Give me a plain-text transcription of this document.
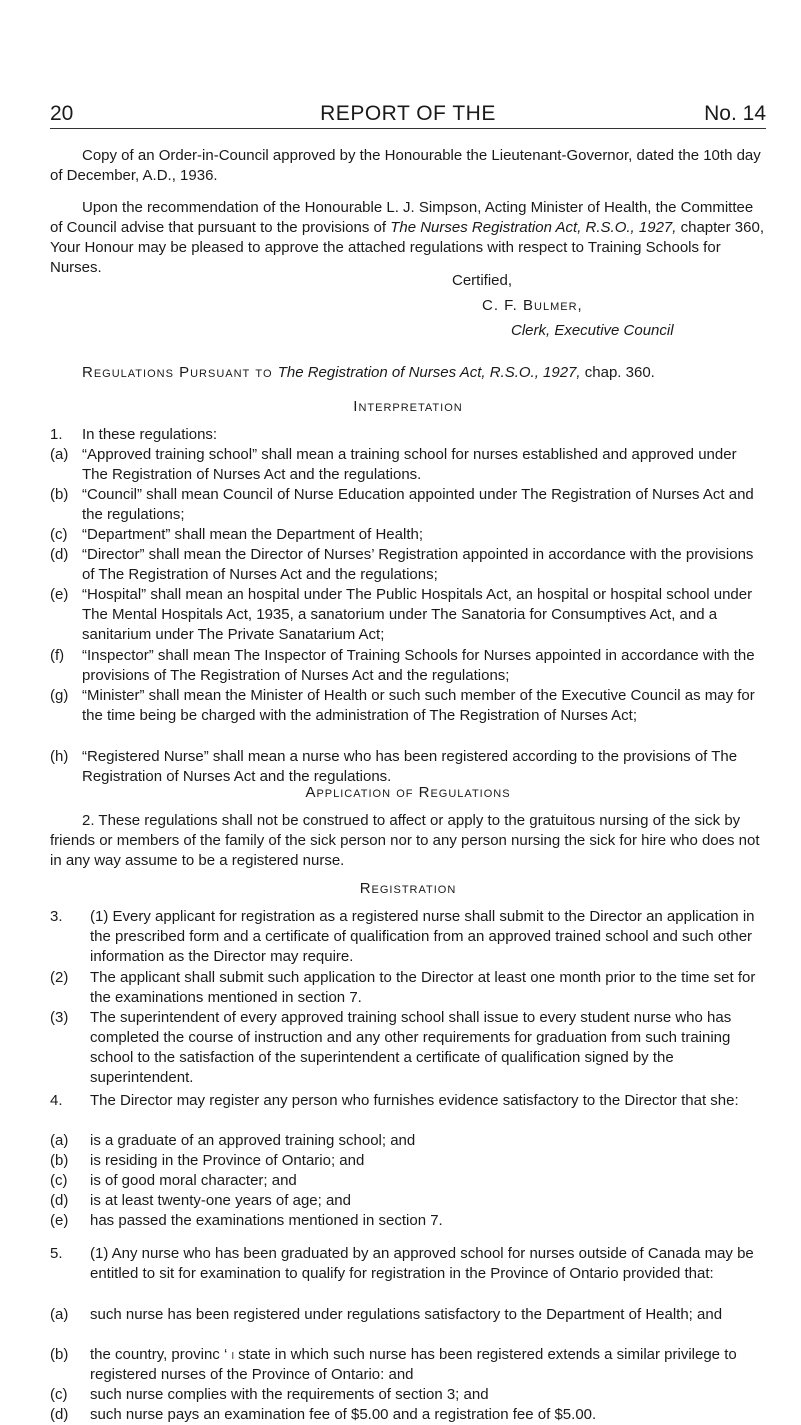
20	REPORT OF THE	No. 14

Copy of an Order-in-Council approved by the Honourable the Lieutenant-Governor, dated the 10th day of December, A.D., 1936.

Upon the recommendation of the Honourable L. J. Simpson, Acting Minister of Health, the Committee of Council advise that pursuant to the provisions of The Nurses Registration Act, R.S.O., 1927, chapter 360, Your Honour may be pleased to approve the attached regulations with respect to Training Schools for Nurses.

Certified,
C. F. Bulmer,
Clerk, Executive Council
Regulations Pursuant to The Registration of Nurses Act, R.S.O., 1927, chap. 360.
Interpretation
1.	In these regulations:
(a) “Approved training school” shall mean a training school for nurses established and approved under The Registration of Nurses Act and the regulations.
(b) “Council” shall mean Council of Nurse Education appointed under The Registration of Nurses Act and the regulations;
(c) “Department” shall mean the Department of Health;
(d) “Director” shall mean the Director of Nurses’ Registration appointed in accordance with the provisions of The Registration of Nurses Act and the regulations;
(e) “Hospital” shall mean an hospital under The Public Hospitals Act, an hospital or hospital school under The Mental Hospitals Act, 1935, a sanatorium under The Sanatoria for Consumptives Act, and a sanitarium under The Private Sanatarium Act;
(f)	“Inspector” shall mean The Inspector of Training Schools for Nurses appointed in accordance with the provisions of The Registration of Nurses Act and the regulations;
(g) “Minister” shall mean the Minister of Health or such such member of the Executive Council as may for the time being be charged with the administration of The Registration of Nurses Act;
(h) “Registered Nurse” shall mean a nurse who has been registered according to the provisions of The Registration of Nurses Act and the regulations.
Application of Regulations

2. These regulations shall not be construed to affect or apply to the gratuitous nursing of the sick by friends or members of the family of the sick person nor to any person nursing the sick for hire who does not in any way assume to be a registered nurse.

Registration
3.	(1) Every applicant for registration as a registered nurse shall submit to the Director an application in the prescribed form and a certificate of qualification from an approved trained school and such other information as the Director may require.
(2)	The applicant shall submit such application to the Director at least one month prior to the time set for the examinations mentioned in section 7.
(3)	The superintendent of every approved training school shall issue to every student nurse who has completed the course of instruction and any other requirements for graduation from such training school to the satisfaction of the superintendent a certificate of qualification signed by the superintendent.
4.	The Director may register any person who furnishes evidence satisfactory to the Director that she:
(a)	is a graduate of an approved training school; and
(b)	is residing in the Province of Ontario; and
(c)	is of good moral character; and
(d)	is at least twenty-one years of age; and
(e)	has passed the examinations mentioned in section 7.
5.	(1) Any nurse who has been graduated by an approved school for nurses outside of Canada may be entitled to sit for examination to qualify for registration in the Province of Ontario provided that:
(a)	such nurse has been registered under regulations satisfactory to the Department of Health; and
(b)	the country, provinc ‘ ₗ state in which such nurse has been registered extends a similar privilege to registered nurses of the Province of Ontario: and
(c)	such nurse complies with the requirements of section 3; and
(d)	such nurse pays an examination fee of $5.00 and a registration fee of $5.00.
